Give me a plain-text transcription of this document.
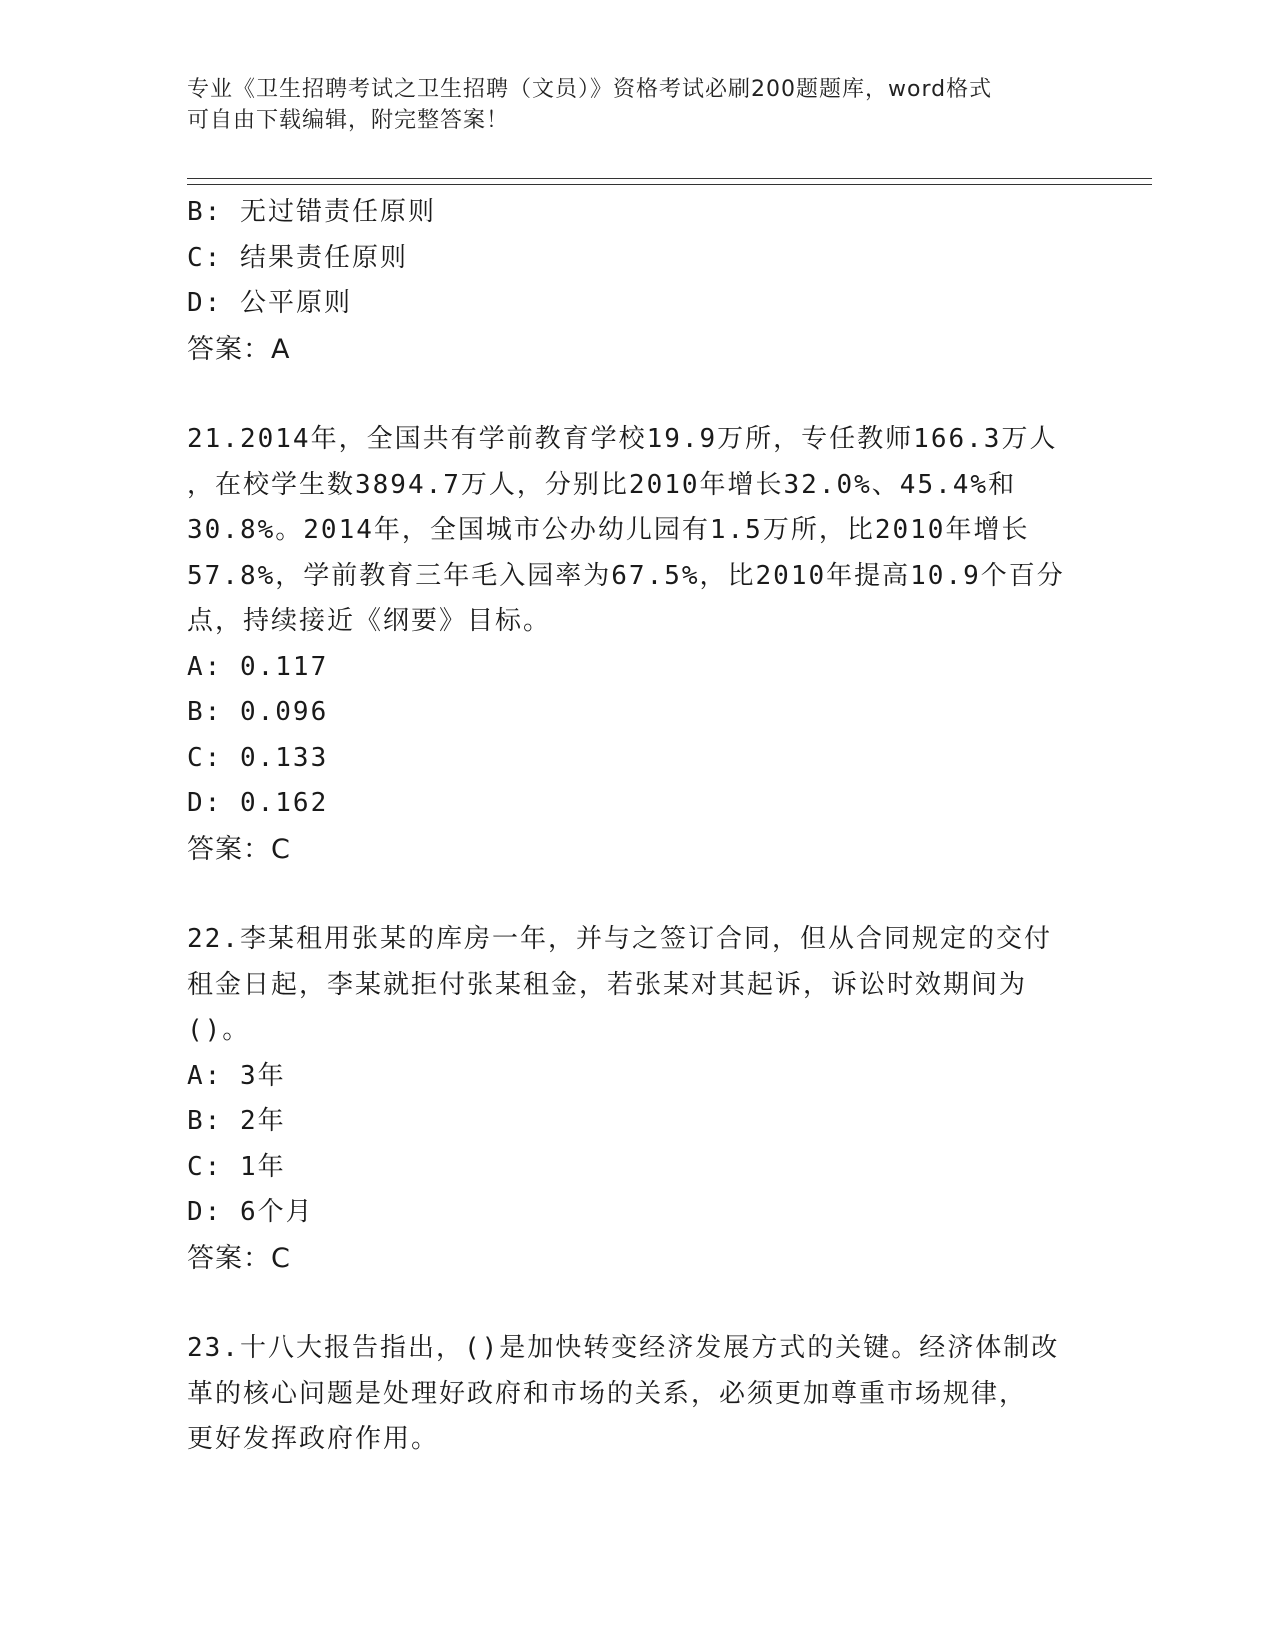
专业《卫生招聘考试之卫生招聘（文员）》资格考试必刷200题题库，word格式
可自由下载编辑，附完整答案！
B: 无过错责任原则
C: 结果责任原则
D: 公平原则
答案：A
21.2014年，全国共有学前教育学校19.9万所，专任教师166.3万人
，在校学生数3894.7万人，分别比2010年增长32.0%、45.4%和
30.8%。2014年，全国城市公办幼儿园有1.5万所，比2010年增长
57.8%，学前教育三年毛入园率为67.5%，比2010年提高10.9个百分
点，持续接近《纲要》目标。
A: 0.117
B: 0.096
C: 0.133
D: 0.162
答案：C
22.李某租用张某的库房一年，并与之签订合同，但从合同规定的交付
租金日起，李某就拒付张某租金，若张某对其起诉，诉讼时效期间为
()。
A: 3年
B: 2年
C: 1年
D: 6个月
答案：C
23.十八大报告指出，()是加快转变经济发展方式的关键。经济体制改
革的核心问题是处理好政府和市场的关系，必须更加尊重市场规律，
更好发挥政府作用。
